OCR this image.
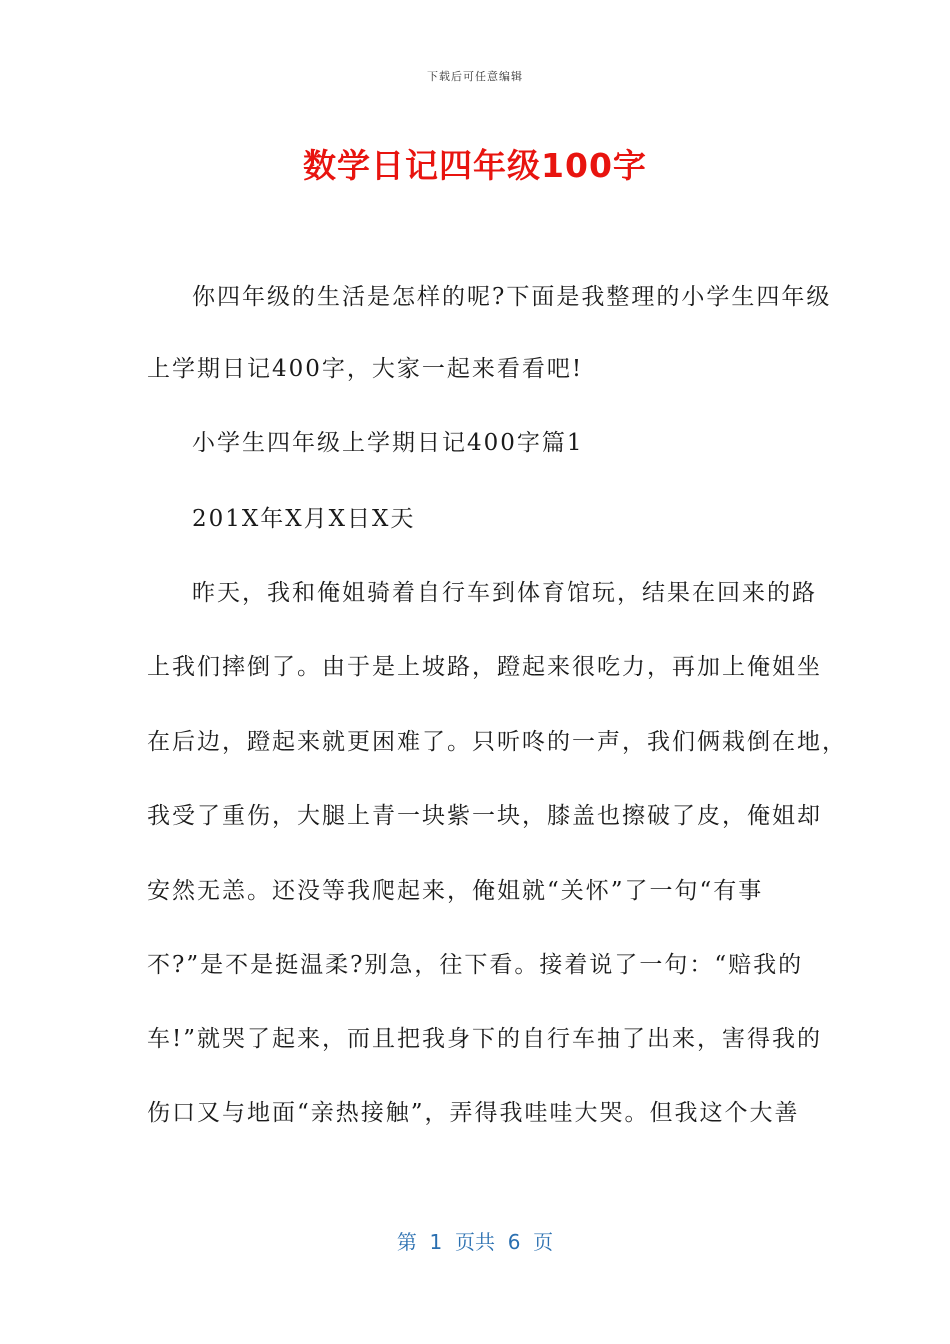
下载后可任意编辑
数学日记四年级100字
你四年级的生活是怎样的呢?下面是我整理的小学生四年级
上学期日记400字，大家一起来看看吧!
小学生四年级上学期日记400字篇1
201X年X月X日X天
昨天，我和俺姐骑着自行车到体育馆玩，结果在回来的路
上我们摔倒了。由于是上坡路，蹬起来很吃力，再加上俺姐坐
在后边，蹬起来就更困难了。只听咚的一声，我们俩栽倒在地，
我受了重伤，大腿上青一块紫一块，膝盖也擦破了皮，俺姐却
安然无恙。还没等我爬起来，俺姐就“关怀”了一句“有事
不?”是不是挺温柔?别急，往下看。接着说了一句：“赔我的
车!”就哭了起来，而且把我身下的自行车抽了出来，害得我的
伤口又与地面“亲热接触”，弄得我哇哇大哭。但我这个大善
第  1  页共  6  页
